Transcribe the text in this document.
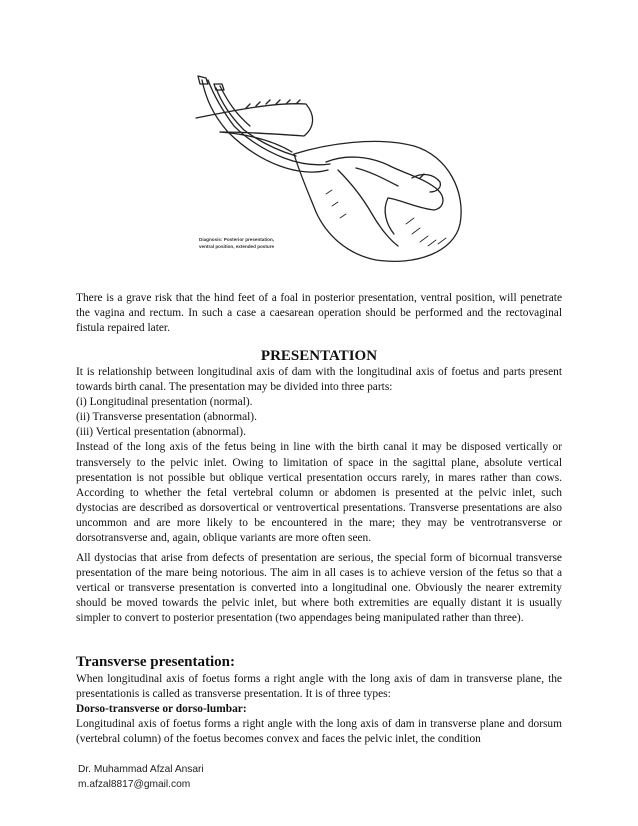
Diagnosis: Posterior presentation,
ventral position, extended posture

There is a grave risk that the hind feet of a foal in posterior presentation, ventral position, will penetrate the vagina and rectum. In such a case a caesarean operation should be performed and the rectovaginal fistula repaired later.

PRESENTATION
It is relationship between longitudinal axis of dam with the longitudinal axis of foetus and parts present towards birth canal. The presentation may be divided into three parts:
(i) Longitudinal presentation (normal).
(ii) Transverse presentation (abnormal).
(iii) Vertical presentation (abnormal).
Instead of the long axis of the fetus being in line with the birth canal it may be disposed vertically or transversely to the pelvic inlet. Owing to limitation of space in the sagittal plane, absolute vertical presentation is not possible but oblique vertical presentation occurs rarely, in mares rather than cows. According to whether the fetal vertebral column or abdomen is presented at the pelvic inlet, such dystocias are described as dorsovertical or ventrovertical presentations. Transverse presentations are also uncommon and are more likely to be encountered in the mare; they may be ventrotransverse or dorsotransverse and, again, oblique variants are more often seen.

All dystocias that arise from defects of presentation are serious, the special form of bicornual transverse presentation of the mare being notorious. The aim in all cases is to achieve version of the fetus so that a vertical or transverse presentation is converted into a longitudinal one. Obviously the nearer extremity should be moved towards the pelvic inlet, but where both extremities are equally distant it is usually simpler to convert to posterior presentation (two appendages being manipulated rather than three).

Transverse presentation:
When longitudinal axis of foetus forms a right angle with the long axis of dam in transverse plane, the presentationis is called as transverse presentation. It is of three types:
Dorso-transverse or dorso-lumbar:
Longitudinal axis of foetus forms a right angle with the long axis of dam in transverse plane and dorsum (vertebral column) of the foetus becomes convex and faces the pelvic inlet, the condition
Dr. Muhammad Afzal Ansari
m.afzal8817@gmail.com
